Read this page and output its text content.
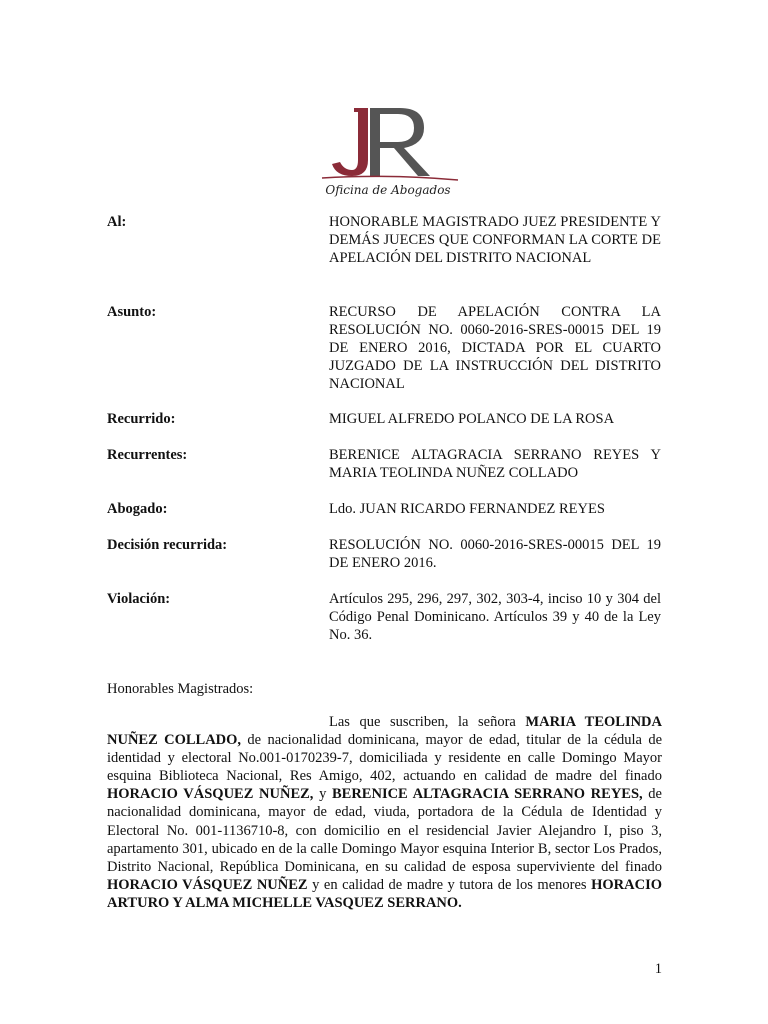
Oficina de Abogados
Al:	HONORABLE MAGISTRADO JUEZ PRESIDENTE Y DEMÁS JUECES QUE CONFORMAN LA CORTE DE APELACIÓN DEL DISTRITO NACIONAL
Asunto:	RECURSO DE APELACIÓN CONTRA LA RESOLUCIÓN NO. 0060-2016-SRES-00015 DEL 19 DE ENERO 2016, DICTADA POR EL CUARTO JUZGADO DE LA INSTRUCCIÓN DEL DISTRITO NACIONAL
Recurrido:	MIGUEL ALFREDO POLANCO DE LA ROSA
Recurrentes:	BERENICE ALTAGRACIA SERRANO REYES Y MARIA TEOLINDA NUÑEZ COLLADO
Abogado:	Ldo. JUAN RICARDO FERNANDEZ REYES
Decisión recurrida:	RESOLUCIÓN NO. 0060-2016-SRES-00015 DEL 19 DE ENERO 2016.
Violación:	Artículos 295, 296, 297, 302, 303-4, inciso 10 y 304 del Código Penal Dominicano. Artículos 39 y 40 de la Ley No. 36.
Honorables Magistrados:
Las que suscriben, la señora MARIA TEOLINDA NUÑEZ COLLADO, de nacionalidad dominicana, mayor de edad, titular de la cédula de identidad y electoral No.001-0170239-7, domiciliada y residente en calle Domingo Mayor esquina Biblioteca Nacional, Res Amigo, 402, actuando en calidad de madre del finado HORACIO VÁSQUEZ NUÑEZ, y BERENICE ALTAGRACIA SERRANO REYES, de nacionalidad dominicana, mayor de edad, viuda, portadora de la Cédula de Identidad y Electoral No. 001-1136710-8, con domicilio en el residencial Javier Alejandro I, piso 3, apartamento 301, ubicado en de la calle Domingo Mayor esquina Interior B, sector Los Prados, Distrito Nacional, República Dominicana, en su calidad de esposa superviviente del finado HORACIO VÁSQUEZ NUÑEZ y en calidad de madre y tutora de los menores HORACIO ARTURO Y ALMA MICHELLE VASQUEZ SERRANO.
1
